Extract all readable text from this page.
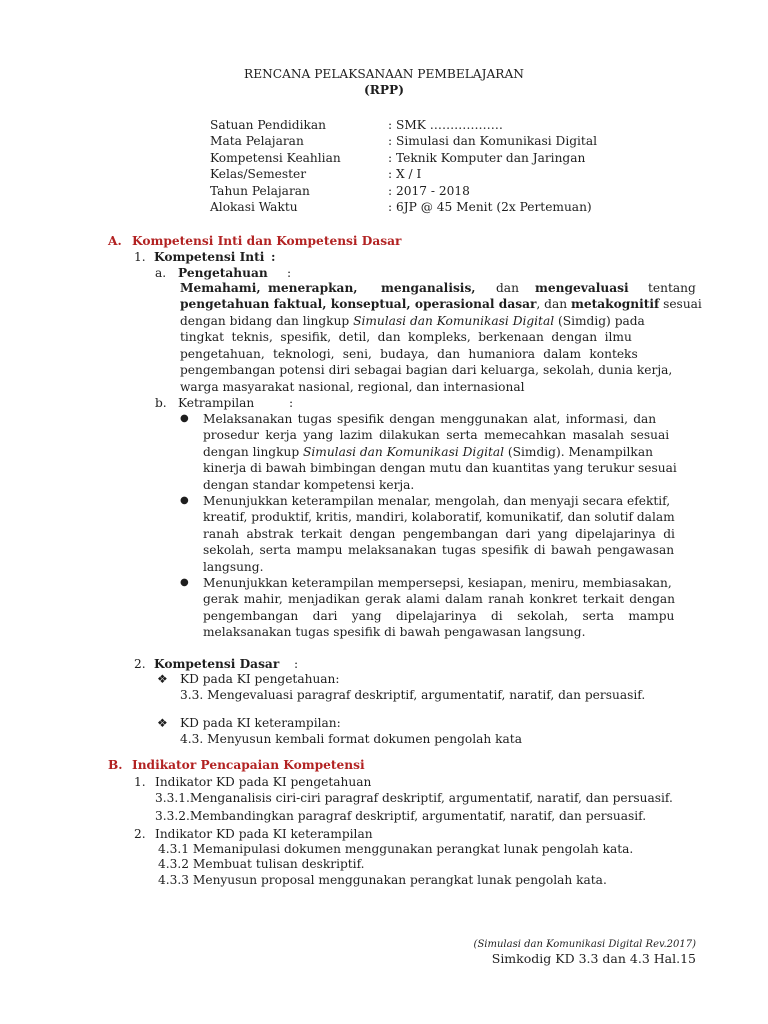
RENCANA PELAKSANAAN PEMBELAJARAN
(RPP)
Satuan Pendidikan	: SMK ………………
Mata Pelajaran	: Simulasi dan Komunikasi Digital
Kompetensi Keahlian	: Teknik Komputer dan Jaringan
Kelas/Semester	: X / I
Tahun Pelajaran	: 2017 - 2018
Alokasi Waktu	: 6JP @ 45 Menit (2x Pertemuan)
A. Kompetensi Inti dan Kompetensi Dasar
1. Kompetensi Inti :
a. Pengetahuan :
Memahami, menerapkan, menganalisis, dan mengevaluasi tentang
pengetahuan faktual, konseptual, operasional dasar, dan metakognitif sesuai
dengan bidang dan lingkup Simulasi dan Komunikasi Digital (Simdig) pada
tingkat teknis, spesifik, detil, dan kompleks, berkenaan dengan ilmu
pengetahuan, teknologi, seni, budaya, dan humaniora dalam konteks
pengembangan potensi diri sebagai bagian dari keluarga, sekolah, dunia kerja,
warga masyarakat nasional, regional, dan internasional
b. Ketrampilan	:
● Melaksanakan tugas spesifik dengan menggunakan alat, informasi, dan
prosedur kerja yang lazim dilakukan serta memecahkan masalah sesuai
dengan lingkup Simulasi dan Komunikasi Digital (Simdig). Menampilkan
kinerja di bawah bimbingan dengan mutu dan kuantitas yang terukur sesuai
dengan standar kompetensi kerja.
● Menunjukkan keterampilan menalar, mengolah, dan menyaji secara efektif,
kreatif, produktif, kritis, mandiri, kolaboratif, komunikatif, dan solutif dalam
ranah abstrak terkait dengan pengembangan dari yang dipelajarinya di
sekolah, serta mampu melaksanakan tugas spesifik di bawah pengawasan
langsung.
● Menunjukkan keterampilan mempersepsi, kesiapan, meniru, membiasakan,
gerak mahir, menjadikan gerak alami dalam ranah konkret terkait dengan
pengembangan dari yang dipelajarinya di sekolah, serta mampu
melaksanakan tugas spesifik di bawah pengawasan langsung.
2. Kompetensi Dasar :
❖ KD pada KI pengetahuan:
3.3. Mengevaluasi paragraf deskriptif, argumentatif, naratif, dan persuasif.
❖ KD pada KI keterampilan:
4.3. Menyusun kembali format dokumen pengolah kata
B. Indikator Pencapaian Kompetensi
1. Indikator KD pada KI pengetahuan
3.3.1.Menganalisis ciri-ciri paragraf deskriptif, argumentatif, naratif, dan persuasif.
3.3.2.Membandingkan paragraf deskriptif, argumentatif, naratif, dan persuasif.
2. Indikator KD pada KI keterampilan
4.3.1 Memanipulasi dokumen menggunakan perangkat lunak pengolah kata.
4.3.2 Membuat tulisan deskriptif.
4.3.3 Menyusun proposal menggunakan perangkat lunak pengolah kata.
(Simulasi dan Komunikasi Digital Rev.2017)
Simkodig KD 3.3 dan 4.3 Hal.15
